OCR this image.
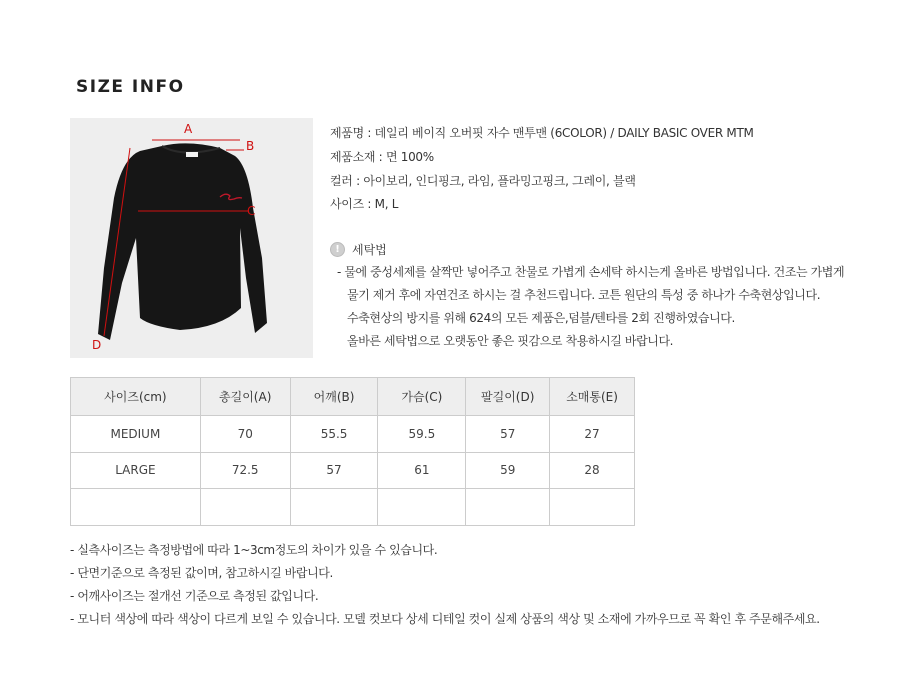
SIZE INFO
A
B
C
D
제품명 : 데일리 베이직 오버핏 자수 맨투맨 (6COLOR) / DAILY BASIC OVER MTM
제품소재 : 면 100%
컬러 : 아이보리, 인디핑크, 라임, 플라밍고핑크, 그레이, 블랙
사이즈 : M, L
!	세탁법
- 물에 중성세제를 살짝만 넣어주고 찬물로 가볍게 손세탁 하시는게 올바른 방법입니다. 건조는 가볍게
물기 제거 후에 자연건조 하시는 걸 추천드립니다. 코튼 원단의 특성 중 하나가 수축현상입니다.
수축현상의 방지를 위해 624의 모든 제품은,덤블/텐타를 2회 진행하였습니다.
올바른 세탁법으로 오랫동안 좋은 핏감으로 착용하시길 바랍니다.
사이즈(cm)	총길이(A)	어깨(B)	가슴(C)	팔길이(D)	소매통(E)
MEDIUM	70	55.5	59.5	57	27
LARGE	72.5	57	61	59	28

- 실측사이즈는 측정방법에 따라 1~3cm정도의 차이가 있을 수 있습니다.
- 단면기준으로 측정된 값이며, 참고하시길 바랍니다.
- 어깨사이즈는 절개선 기준으로 측정된 값입니다.
- 모니터 색상에 따라 색상이 다르게 보일 수 있습니다. 모델 컷보다 상세 디테일 컷이 실제 상품의 색상 및 소재에 가까우므로 꼭 확인 후 주문해주세요.
